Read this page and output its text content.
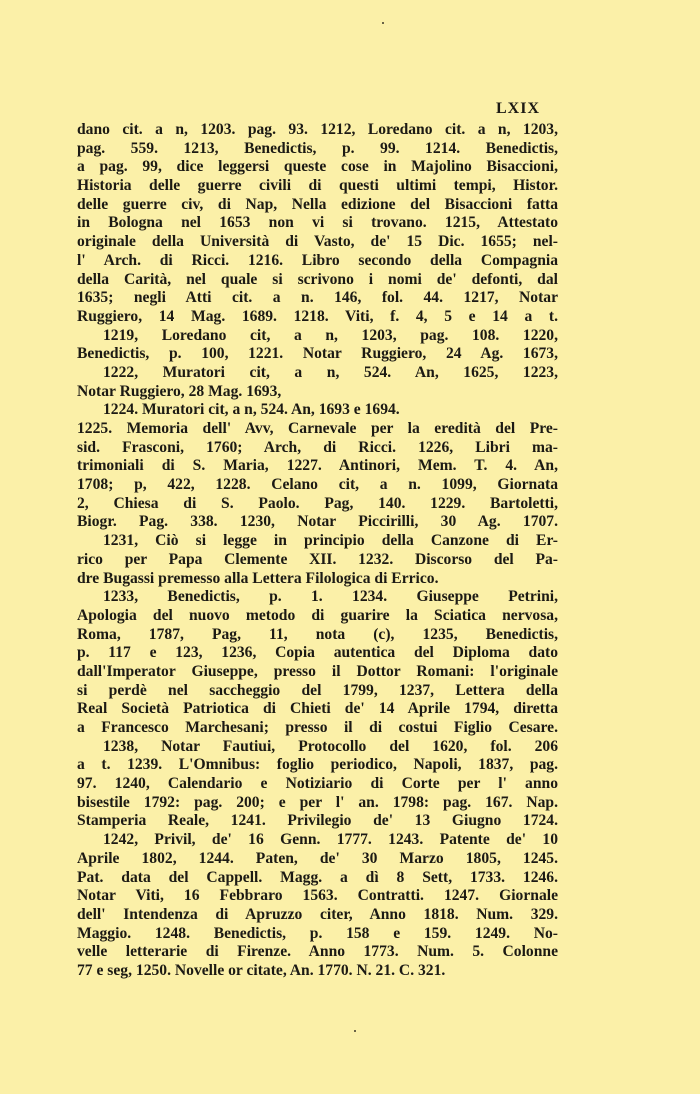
LXIX
dano cit. a n, 1203. pag. 93. 1212, Loredano cit. a n, 1203,
pag. 559. 1213, Benedictis, p. 99. 1214. Benedictis,
a pag. 99, dice leggersi queste cose in Majolino Bisaccioni,
Historia delle guerre civili di questi ultimi tempi, Histor.
delle guerre civ, di Nap, Nella edizione del Bisaccioni fatta
in Bologna nel 1653 non vi si trovano. 1215, Attestato
originale della Università di Vasto, de' 15 Dic. 1655; nel-
l' Arch. di Ricci. 1216. Libro secondo della Compagnia
della Carità, nel quale si scrivono i nomi de' defonti, dal
1635; negli Atti cit. a n. 146, fol. 44. 1217, Notar
Ruggiero, 14 Mag. 1689. 1218. Viti, f. 4, 5 e 14 a t.
1219, Loredano cit, a n, 1203, pag. 108. 1220,
Benedictis, p. 100, 1221. Notar Ruggiero, 24 Ag. 1673,
1222, Muratori cit, a n, 524. An, 1625, 1223,
Notar Ruggiero, 28 Mag. 1693,
1224. Muratori cit, a n, 524. An, 1693 e 1694.
1225. Memoria dell' Avv, Carnevale per la eredità del Pre-
sid. Frasconi, 1760; Arch, di Ricci. 1226, Libri ma-
trimoniali di S. Maria, 1227. Antinori, Mem. T. 4. An,
1708; p, 422, 1228. Celano cit, a n. 1099, Giornata
2, Chiesa di S. Paolo. Pag, 140. 1229. Bartoletti,
Biogr. Pag. 338. 1230, Notar Piccirilli, 30 Ag. 1707.
1231, Ciò si legge in principio della Canzone di Er-
rico per Papa Clemente XII. 1232. Discorso del Pa-
dre Bugassi premesso alla Lettera Filologica di Errico.
1233, Benedictis, p. 1. 1234. Giuseppe Petrini,
Apologia del nuovo metodo di guarire la Sciatica nervosa,
Roma, 1787, Pag, 11, nota (c), 1235, Benedictis,
p. 117 e 123, 1236, Copia autentica del Diploma dato
dall'Imperator Giuseppe, presso il Dottor Romani: l'originale
si perdè nel saccheggio del 1799, 1237, Lettera della
Real Società Patriotica di Chieti de' 14 Aprile 1794, diretta
a Francesco Marchesani; presso il di costui Figlio Cesare.
1238, Notar Fautiui, Protocollo del 1620, fol. 206
a t. 1239. L'Omnibus: foglio periodico, Napoli, 1837, pag.
97. 1240, Calendario e Notiziario di Corte per l' anno
bisestile 1792: pag. 200; e per l' an. 1798: pag. 167. Nap.
Stamperia Reale, 1241. Privilegio de' 13 Giugno 1724.
1242, Privil, de' 16 Genn. 1777. 1243. Patente de' 10
Aprile 1802, 1244. Paten, de' 30 Marzo 1805, 1245.
Pat. data del Cappell. Magg. a dì 8 Sett, 1733. 1246.
Notar Viti, 16 Febbraro 1563. Contratti. 1247. Giornale
dell' Intendenza di Apruzzo citer, Anno 1818. Num. 329.
Maggio. 1248. Benedictis, p. 158 e 159. 1249. No-
velle letterarie di Firenze. Anno 1773. Num. 5. Colonne
77 e seg, 1250. Novelle or citate, An. 1770. N. 21. C. 321.
